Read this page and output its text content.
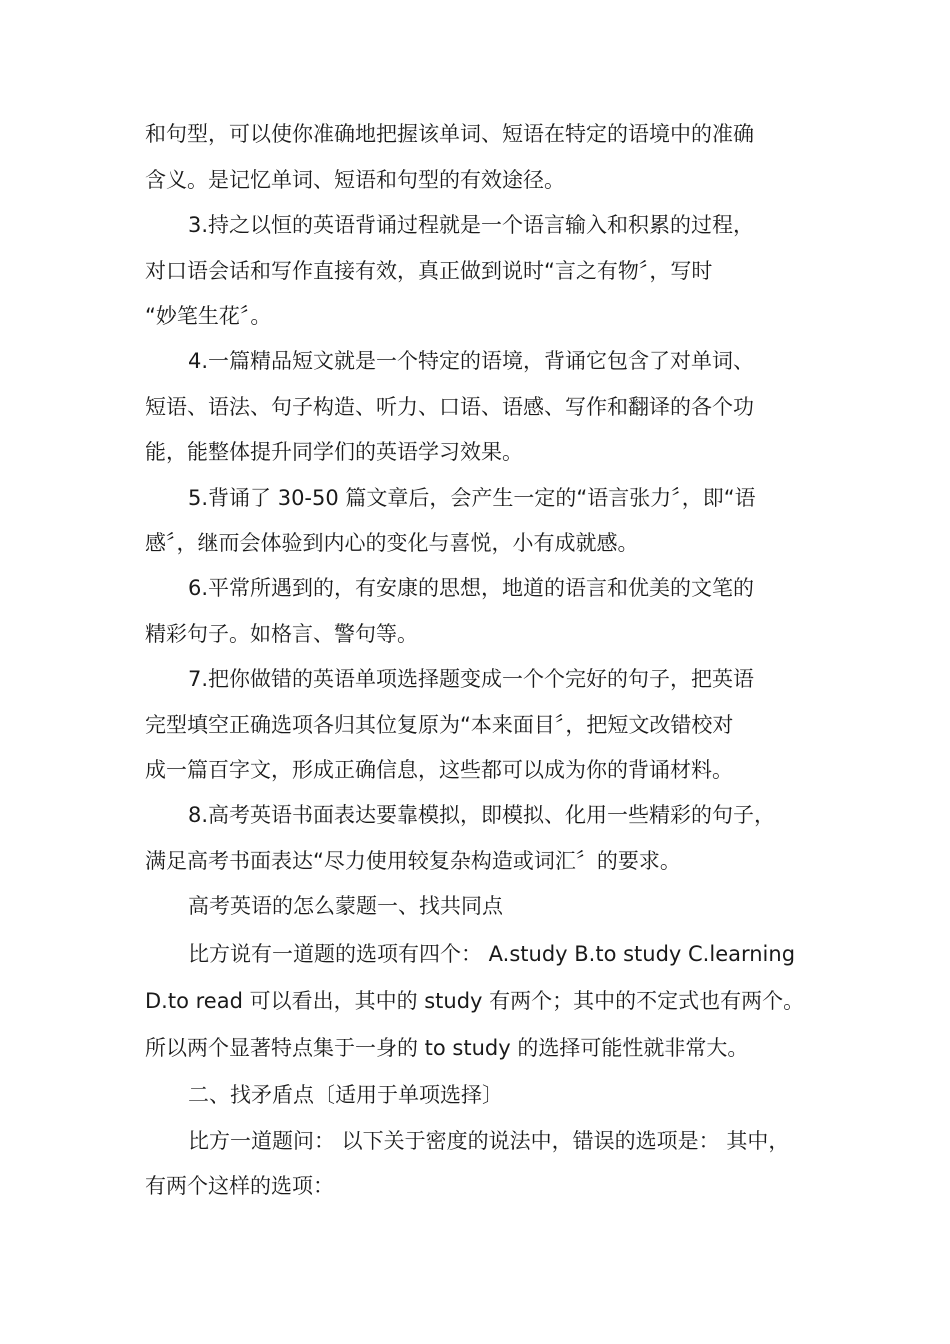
和句型，可以使你准确地把握该单词、短语在特定的语境中的准确
含义。是记忆单词、短语和句型的有效途径。
3.持之以恒的英语背诵过程就是一个语言输入和积累的过程，
对口语会话和写作直接有效，真正做到说时“言之有物〞，写时
“妙笔生花〞。
4.一篇精品短文就是一个特定的语境，背诵它包含了对单词、
短语、语法、句子构造、听力、口语、语感、写作和翻译的各个功
能，能整体提升同学们的英语学习效果。
5.背诵了 30-50 篇文章后，会产生一定的“语言张力〞，即“语
感〞，继而会体验到内心的变化与喜悦，小有成就感。
6.平常所遇到的，有安康的思想，地道的语言和优美的文笔的
精彩句子。如格言、警句等。
7.把你做错的英语单项选择题变成一个个完好的句子，把英语
完型填空正确选项各归其位复原为“本来面目〞，把短文改错校对
成一篇百字文，形成正确信息，这些都可以成为你的背诵材料。
8.高考英语书面表达要靠模拟，即模拟、化用一些精彩的句子，
满足高考书面表达“尽力使用较复杂构造或词汇〞的要求。
高考英语的怎么蒙题一、找共同点
比方说有一道题的选项有四个： A.study B.to study C.learning
D.to read 可以看出，其中的 study 有两个；其中的不定式也有两个。
所以两个显著特点集于一身的 to study 的选择可能性就非常大。
二、找矛盾点〔适用于单项选择〕
比方一道题问： 以下关于密度的说法中，错误的选项是： 其中，
有两个这样的选项：
